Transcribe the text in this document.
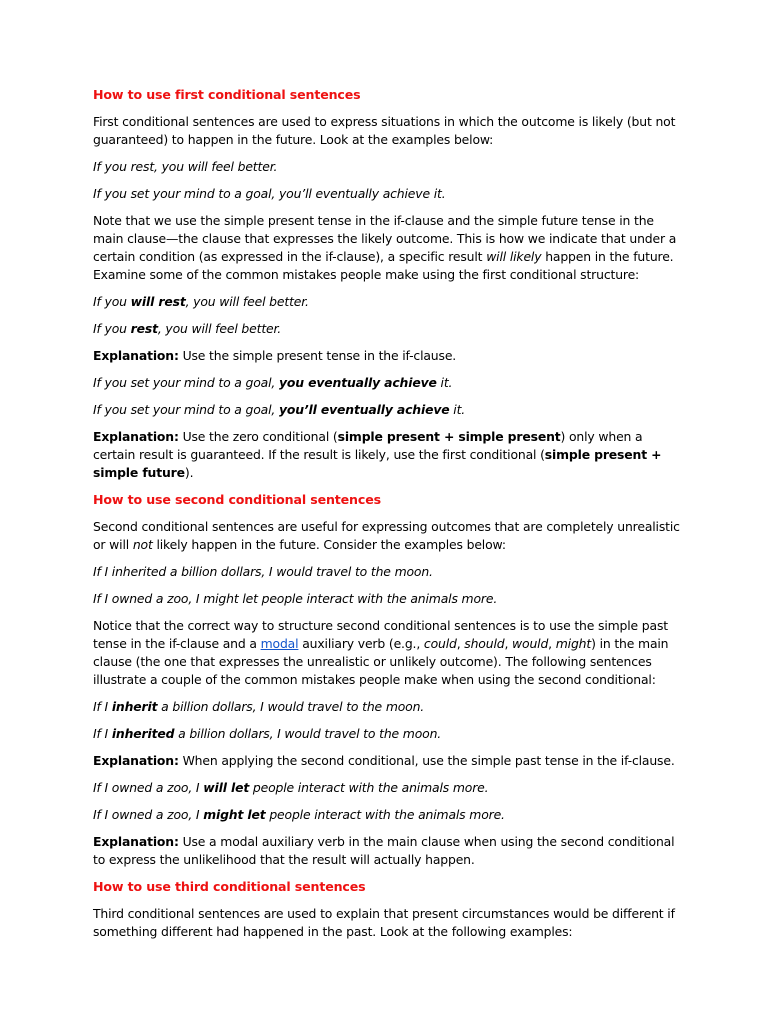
How to use first conditional sentences

First conditional sentences are used to express situations in which the outcome is likely (but not guaranteed) to happen in the future. Look at the examples below:

If you rest, you will feel better.

If you set your mind to a goal, you’ll eventually achieve it.

Note that we use the simple present tense in the if-clause and the simple future tense in the main clause—the clause that expresses the likely outcome. This is how we indicate that under a certain condition (as expressed in the if-clause), a specific result will likely happen in the future. Examine some of the common mistakes people make using the first conditional structure:

If you will rest, you will feel better.

If you rest, you will feel better.

Explanation: Use the simple present tense in the if-clause.

If you set your mind to a goal, you eventually achieve it.

If you set your mind to a goal, you’ll eventually achieve it.

Explanation: Use the zero conditional (simple present + simple present) only when a certain result is guaranteed. If the result is likely, use the first conditional (simple present + simple future).

How to use second conditional sentences

Second conditional sentences are useful for expressing outcomes that are completely unrealistic or will not likely happen in the future. Consider the examples below:

If I inherited a billion dollars, I would travel to the moon.

If I owned a zoo, I might let people interact with the animals more.

Notice that the correct way to structure second conditional sentences is to use the simple past tense in the if-clause and a modal auxiliary verb (e.g., could, should, would, might) in the main clause (the one that expresses the unrealistic or unlikely outcome). The following sentences illustrate a couple of the common mistakes people make when using the second conditional:

If I inherit a billion dollars, I would travel to the moon.

If I inherited a billion dollars, I would travel to the moon.

Explanation: When applying the second conditional, use the simple past tense in the if-clause.

If I owned a zoo, I will let people interact with the animals more.

If I owned a zoo, I might let people interact with the animals more.

Explanation: Use a modal auxiliary verb in the main clause when using the second conditional to express the unlikelihood that the result will actually happen.

How to use third conditional sentences

Third conditional sentences are used to explain that present circumstances would be different if something different had happened in the past. Look at the following examples:
